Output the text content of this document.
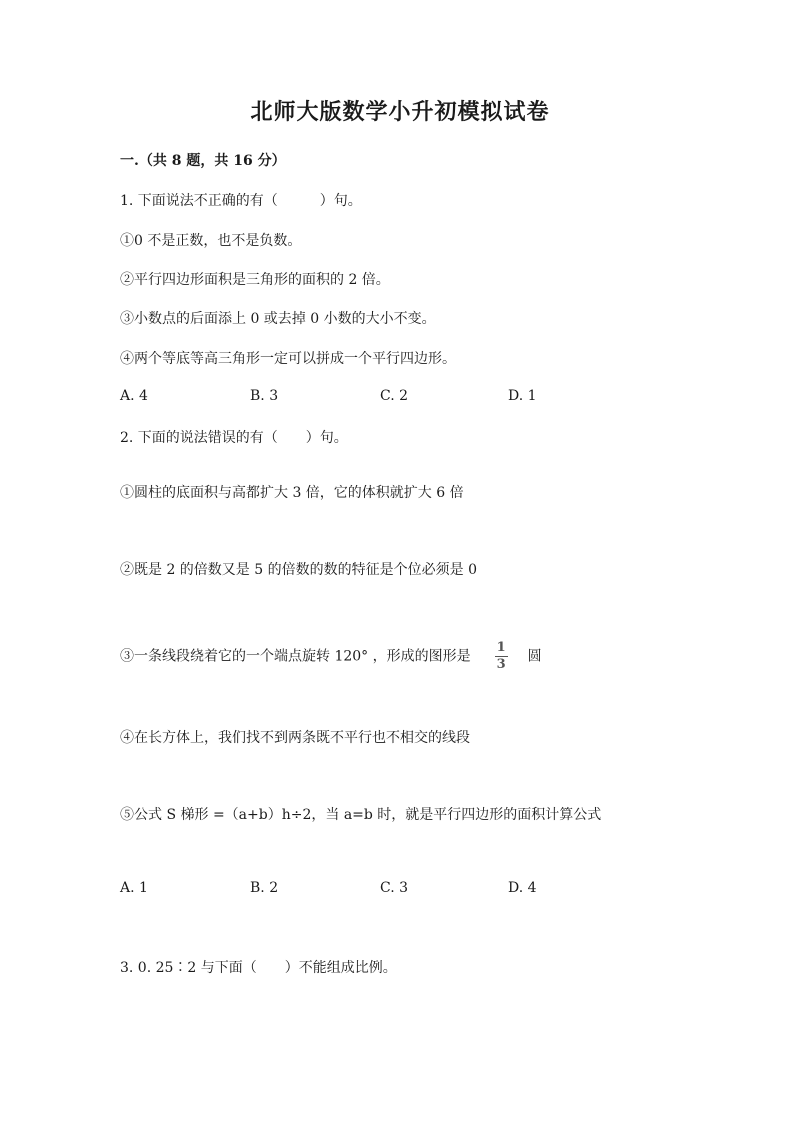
北师大版数学小升初模拟试卷
一.（共 8 题，共 16 分）
1. 下面说法不正确的有（　　　）句。
①0 不是正数，也不是负数。
②平行四边形面积是三角形的面积的 2 倍。
③小数点的后面添上 0 或去掉 0 小数的大小不变。
④两个等底等高三角形一定可以拼成一个平行四边形。
A. 4	B. 3	C. 2	D. 1
2. 下面的说法错误的有（　　）句。
①圆柱的底面积与高都扩大 3 倍，它的体积就扩大 6 倍
②既是 2 的倍数又是 5 的倍数的数的特征是个位必须是 0
③一条线段绕着它的一个端点旋转 120° ，形成的图形是 $\frac{1}{3}$ 圆
④在长方体上，我们找不到两条既不平行也不相交的线段
⑤公式 S 梯形 =（a+b）h÷2，当 a=b 时，就是平行四边形的面积计算公式
A. 1	B. 2	C. 3	D. 4
3. 0. 25∶2 与下面（　　）不能组成比例。
